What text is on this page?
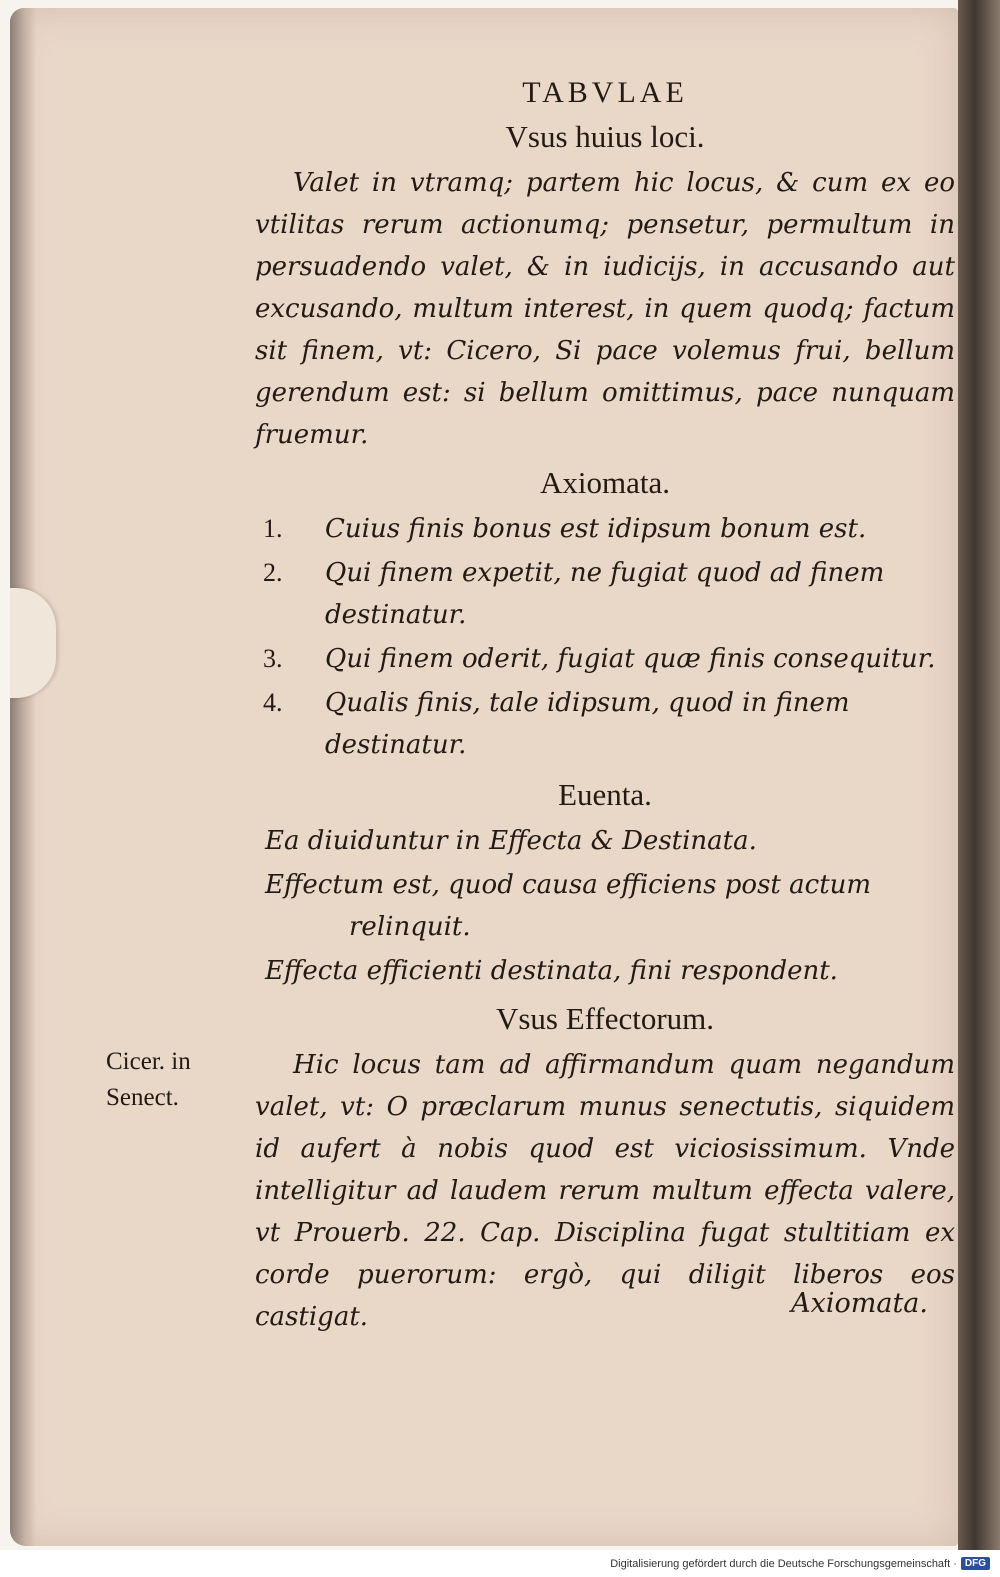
Cicer. in
Senect.
TABVLAE
Vsus huius loci.

Valet in vtramq; partem hic locus, & cum ex eo vtilitas rerum actionumq; pensetur, permultum in persuadendo valet, & in iudicijs, in accusando aut excusando, multum interest, in quem quodq; factum sit finem, vt: Cicero, Si pace volemus frui, bellum gerendum est: si bellum omittimus, pace nunquam fruemur.

Axiomata.
1.	Cuius finis bonus est idipsum bonum est.
2.	Qui finem expetit, ne fugiat quod ad finem destinatur.
3.	Qui finem oderit, fugiat quæ finis consequitur.
4.	Qualis finis, tale idipsum, quod in finem destinatur.
Euenta.

Ea diuiduntur in Effecta & Destinata.

Effectum est, quod causa efficiens post actum relinquit.

Effecta efficienti destinata, fini respondent.

Vsus Effectorum.

Hic locus tam ad affirmandum quam negandum valet, vt: O præclarum munus senectutis, siquidem id aufert à nobis quod est viciosissimum. Vnde intelligitur ad laudem rerum multum effecta valere, vt Prouerb. 22. Cap. Disciplina fugat stultitiam ex corde puerorum: ergò, qui diligit liberos eos castigat.	Axiomata.
Digitalisierung gefördert durch die Deutsche Forschungsgemeinschaft · DFG
